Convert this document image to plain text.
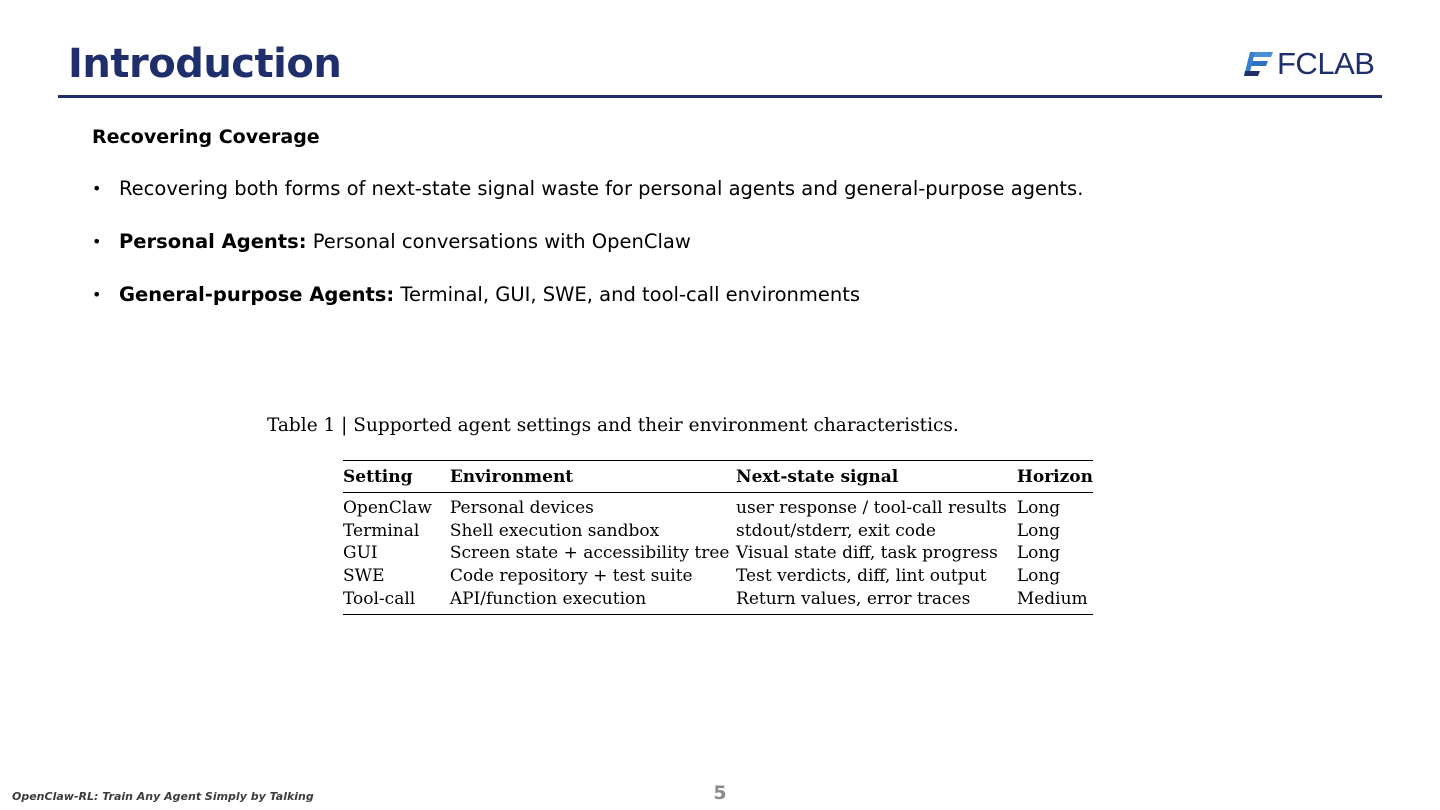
Introduction	FCLAB
Recovering Coverage
• Recovering both forms of next-state signal waste for personal agents and general-purpose agents.
• Personal Agents: Personal conversations with OpenClaw
• General-purpose Agents: Terminal, GUI, SWE, and tool-call environments

Table 1 | Supported agent settings and their environment characteristics.

Setting	Environment	Next-state signal	Horizon
OpenClaw	Personal devices	user response / tool-call results	Long
Terminal	Shell execution sandbox	stdout/stderr, exit code	Long
GUI	Screen state + accessibility tree	Visual state diff, task progress	Long
SWE	Code repository + test suite	Test verdicts, diff, lint output	Long
Tool-call	API/function execution	Return values, error traces	Medium
OpenClaw-RL: Train Any Agent Simply by Talking	5
